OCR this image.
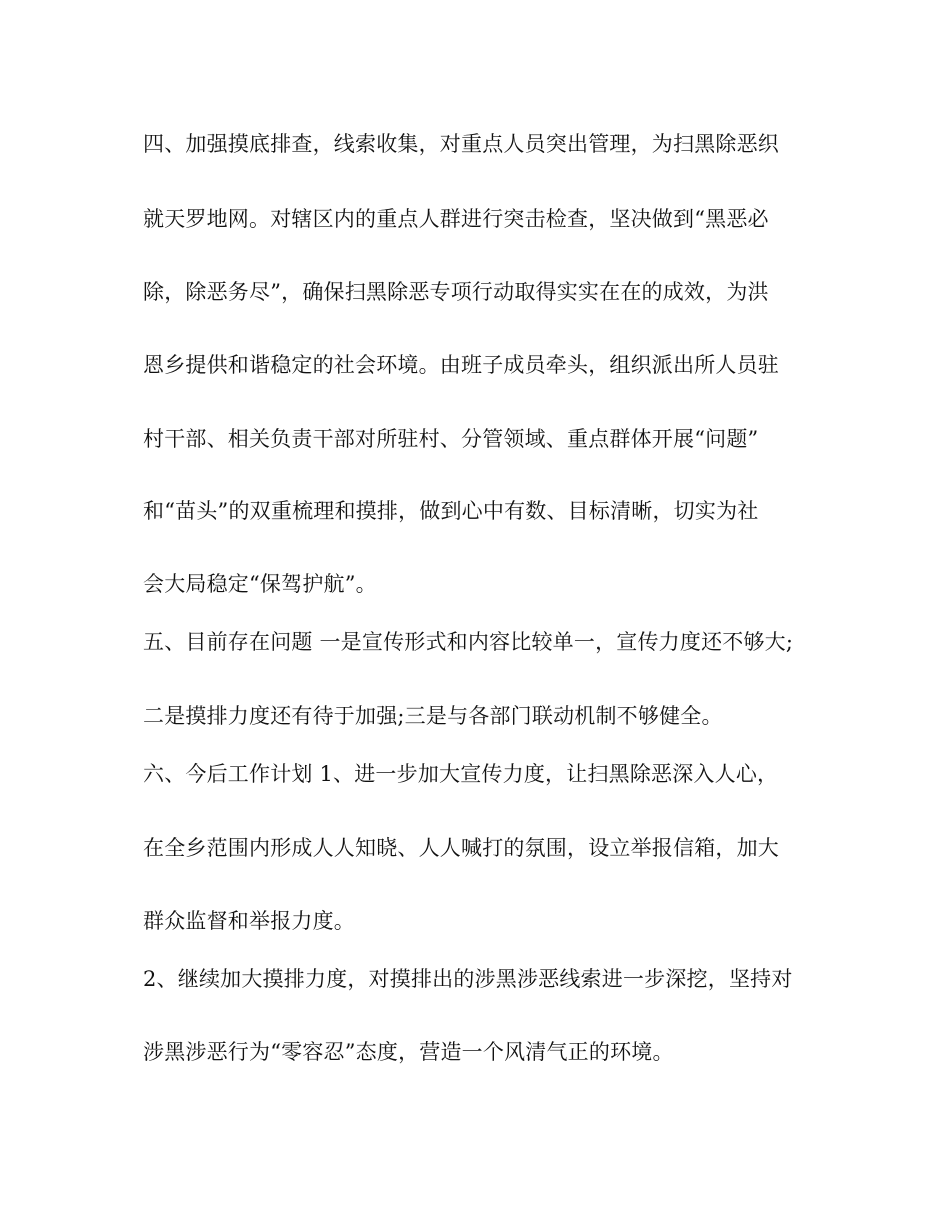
四、加强摸底排查，线索收集，对重点人员突出管理，为扫黑除恶织
就天罗地网。对辖区内的重点人群进行突击检查，坚决做到“黑恶必
除，除恶务尽”，确保扫黑除恶专项行动取得实实在在的成效，为洪
恩乡提供和谐稳定的社会环境。由班子成员牵头，组织派出所人员驻
村干部、相关负责干部对所驻村、分管领域、重点群体开展“问题”
和“苗头”的双重梳理和摸排，做到心中有数、目标清晰，切实为社
会大局稳定“保驾护航”。
五、目前存在问题 一是宣传形式和内容比较单一，宣传力度还不够大;
二是摸排力度还有待于加强;三是与各部门联动机制不够健全。
六、今后工作计划 1、进一步加大宣传力度，让扫黑除恶深入人心，
在全乡范围内形成人人知晓、人人喊打的氛围，设立举报信箱，加大
群众监督和举报力度。
2、继续加大摸排力度，对摸排出的涉黑涉恶线索进一步深挖，坚持对
涉黑涉恶行为“零容忍”态度，营造一个风清气正的环境。
